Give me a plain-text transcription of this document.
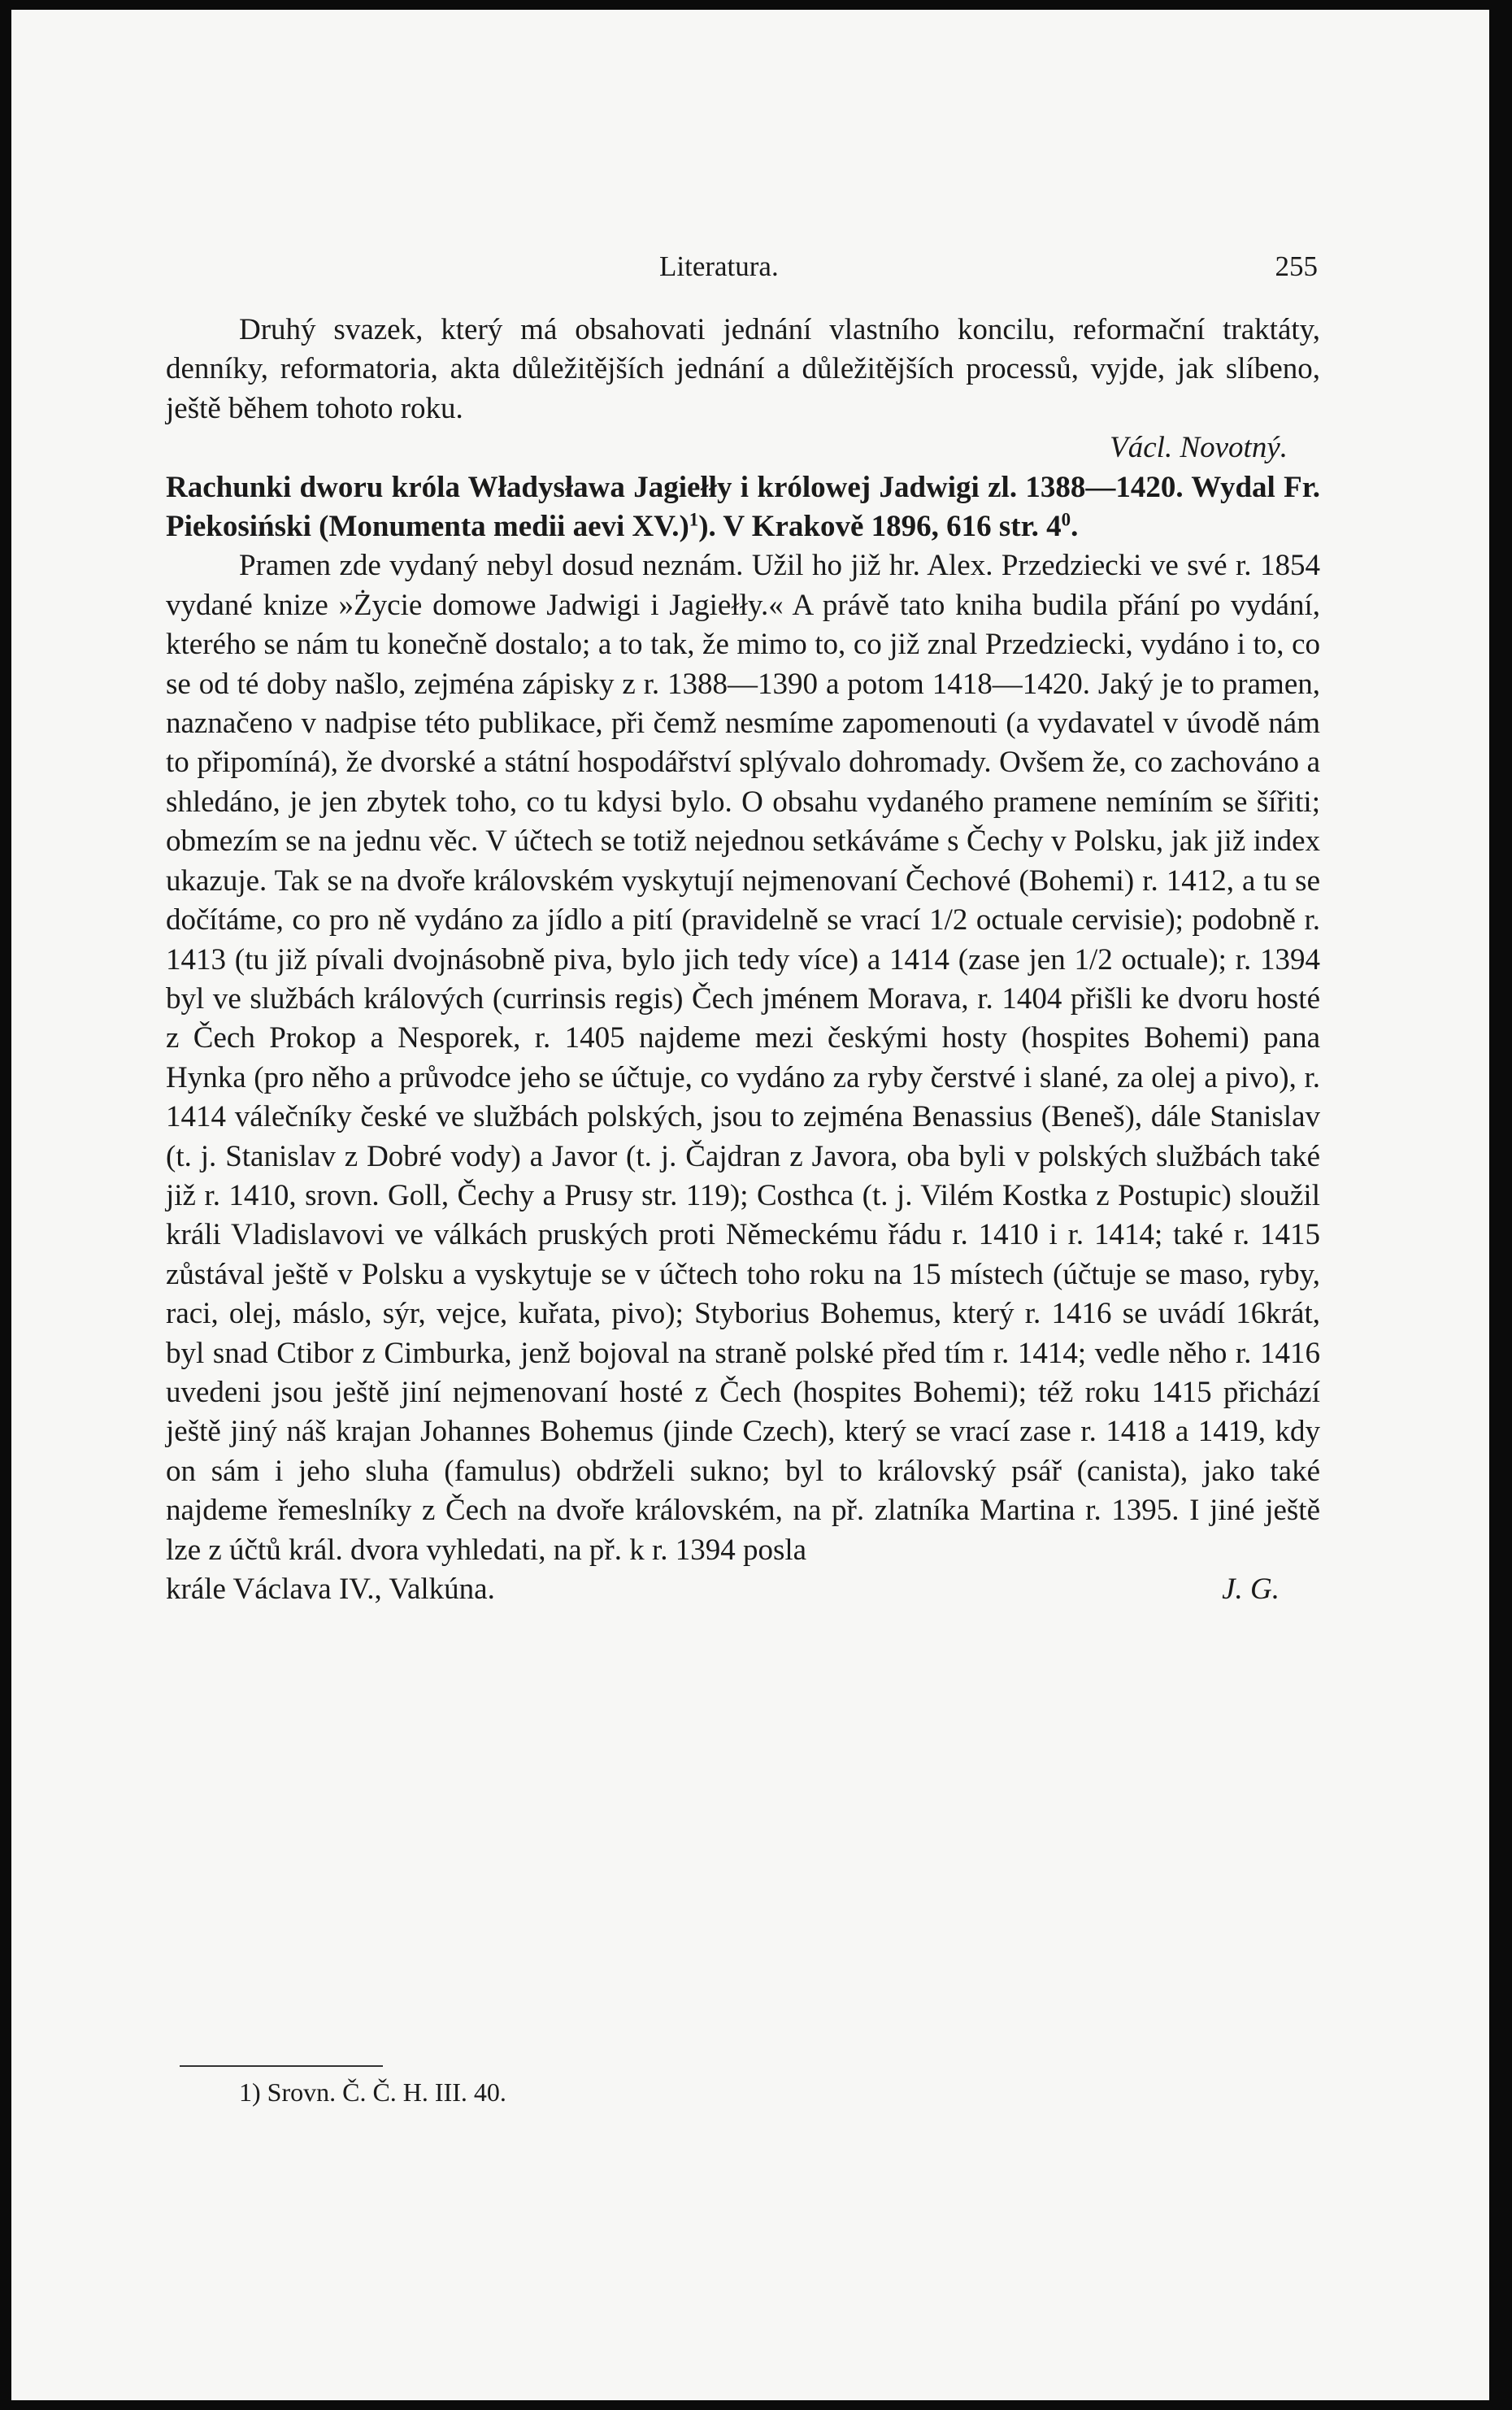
Literatura.	255

Druhý svazek, který má obsahovati jednání vlastního koncilu, reformační traktáty, denníky, reformatoria, akta důležitějších jednání a důležitějších processů, vyjde, jak slíbeno, ještě během tohoto roku.

Václ. Novotný.

Rachunki dworu króla Władysława Jagiełły i królowej Jadwigi zl. 1388—1420. Wydal Fr. Piekosiński (Monumenta medii aevi XV.)$^1$). V Krakově 1896, 616 str. $4^0$.

Pramen zde vydaný nebyl dosud neznám. Užil ho již hr. Alex. Przedziecki ve své r. 1854 vydané knize »Życie domowe Jadwigi i Jagiełły.« A právě tato kniha budila přání po vydání, kterého se nám tu konečně dostalo; a to tak, že mimo to, co již znal Przedziecki, vydáno i to, co se od té doby našlo, zejména zápisky z r. 1388—1390 a potom 1418—1420. Jaký je to pramen, naznačeno v nadpise této publikace, při čemž nesmíme zapomenouti (a vydavatel v úvodě nám to připomíná), že dvorské a státní hospodářství splývalo dohromady. Ovšem že, co zachováno a shledáno, je jen zbytek toho, co tu kdysi bylo. O obsahu vydaného pramene nemíním se šířiti; obmezím se na jednu věc. V účtech se totiž nejednou setkáváme s Čechy v Polsku, jak již index ukazuje. Tak se na dvoře královském vyskytují nejmenovaní Čechové (Bohemi) r. 1412, a tu se dočítáme, co pro ně vydáno za jídlo a pití (pravidelně se vrací 1/2 octuale cervisie); podobně r. 1413 (tu již pívali dvojnásobně piva, bylo jich tedy více) a 1414 (zase jen 1/2 octuale); r. 1394 byl ve službách králových (currinsis regis) Čech jménem Morava, r. 1404 přišli ke dvoru hosté z Čech Prokop a Nesporek, r. 1405 najdeme mezi českými hosty (hospites Bohemi) pana Hynka (pro něho a průvodce jeho se účtuje, co vydáno za ryby čerstvé i slané, za olej a pivo), r. 1414 válečníky české ve službách polských, jsou to zejména Benassius (Beneš), dále Stanislav (t. j. Stanislav z Dobré vody) a Javor (t. j. Čajdran z Javora, oba byli v polských službách také již r. 1410, srovn. Goll, Čechy a Prusy str. 119); Costhca (t. j. Vilém Kostka z Postupic) sloužil králi Vladislavovi ve válkách pruských proti Německému řádu r. 1410 i r. 1414; také r. 1415 zůstával ještě v Polsku a vyskytuje se v účtech toho roku na 15 místech (účtuje se maso, ryby, raci, olej, máslo, sýr, vejce, kuřata, pivo); Styborius Bohemus, který r. 1416 se uvádí 16krát, byl snad Ctibor z Cimburka, jenž bojoval na straně polské před tím r. 1414; vedle něho r. 1416 uvedeni jsou ještě jiní nejmenovaní hosté z Čech (hospites Bohemi); též roku 1415 přichází ještě jiný náš krajan Johannes Bohemus (jinde Czech), který se vrací zase r. 1418 a 1419, kdy on sám i jeho sluha (famulus) obdrželi sukno; byl to královský psář (canista), jako také najdeme řemeslníky z Čech na dvoře královském, na př. zlatníka Martina r. 1395. I jiné ještě lze z účtů král. dvora vyhledati, na př. k r. 1394 posla

krále Václava IV., Valkúna.	J. G.

1) Srovn. Č. Č. H. III. 40.
